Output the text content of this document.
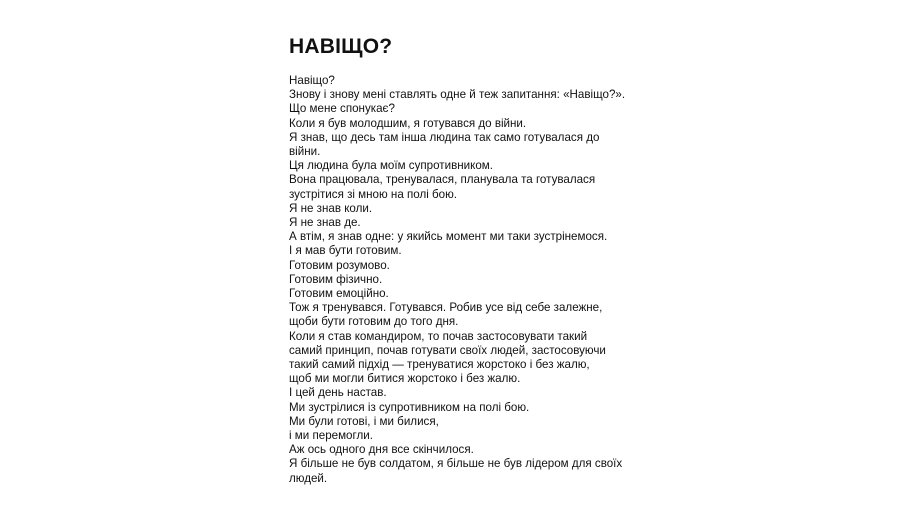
НАВІЩО?
Навіщо?
Знову і знову мені ставлять одне й теж запитання: «Навіщо?».
Що мене спонукає?
Коли я був молодшим, я готувався до війни.
Я знав, що десь там інша людина так само готувалася до
війни.
Ця людина була моїм супротивником.
Вона працювала, тренувалася, планувала та готувалася
зустрітися зі мною на полі бою.
Я не знав коли.
Я не знав де.
А втім, я знав одне: у якийсь момент ми таки зустрінемося.
І я мав бути готовим.
Готовим розумово.
Готовим фізично.
Готовим емоційно.
Тож я тренувався. Готувався. Робив усе від себе залежне,
щоби бути готовим до того дня.
Коли я став командиром, то почав застосовувати такий
самий принцип, почав готувати своїх людей, застосовуючи
такий самий підхід — тренуватися жорстоко і без жалю,
щоб ми могли битися жорстоко і без жалю.
І цей день настав.
Ми зустрілися із супротивником на полі бою.
Ми були готові, і ми билися,
і ми перемогли.
Аж ось одного дня все скінчилося.
Я більше не був солдатом, я більше не був лідером для своїх
людей.
